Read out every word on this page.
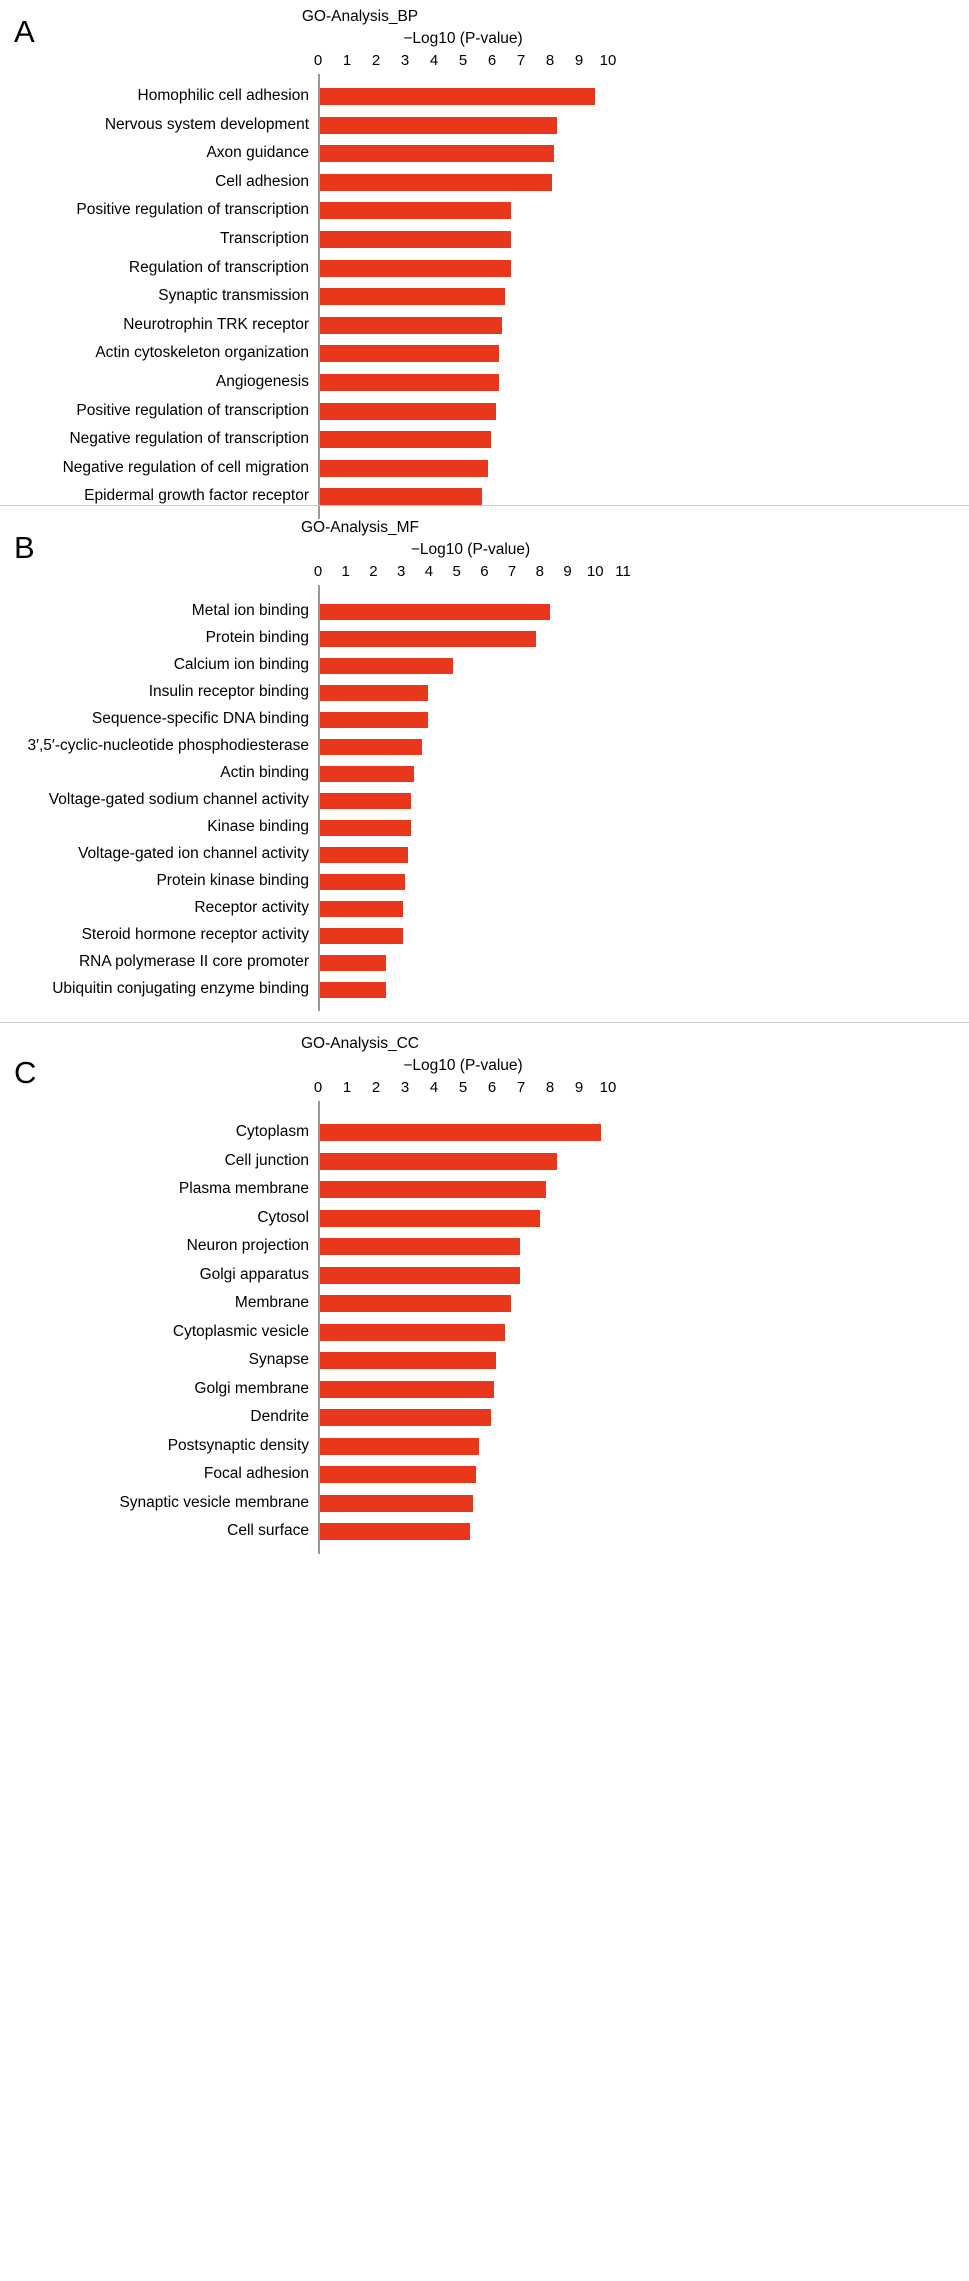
A	GO-Analysis_BP
−Log10 (P-value)
0 1 2 3 4 5 6 7 8 9 10
Homophilic cell adhesion
Nervous system development
Axon guidance
Cell adhesion
Positive regulation of transcription
Transcription
Regulation of transcription
Synaptic transmission
Neurotrophin TRK receptor
Actin cytoskeleton organization
Angiogenesis
Positive regulation of transcription
Negative regulation of transcription
Negative regulation of cell migration
Epidermal growth factor receptor
B
GO-Analysis_MF
−Log10 (P-value)
0 1 2 3 4 5 6 7 8 9 10 11
Metal ion binding
Protein binding
Calcium ion binding
Insulin receptor binding
Sequence-specific DNA binding
3′,5′-cyclic-nucleotide phosphodiesterase
Actin binding
Voltage-gated sodium channel activity
Kinase binding
Voltage-gated ion channel activity
Protein kinase binding
Receptor activity
Steroid hormone receptor activity
RNA polymerase II core promoter
Ubiquitin conjugating enzyme binding
C
GO-Analysis_CC
−Log10 (P-value)
0 1 2 3 4 5 6 7 8 9 10
Cytoplasm
Cell junction
Plasma membrane
Cytosol
Neuron projection
Golgi apparatus
Membrane
Cytoplasmic vesicle
Synapse
Golgi membrane
Dendrite
Postsynaptic density
Focal adhesion
Synaptic vesicle membrane
Cell surface
